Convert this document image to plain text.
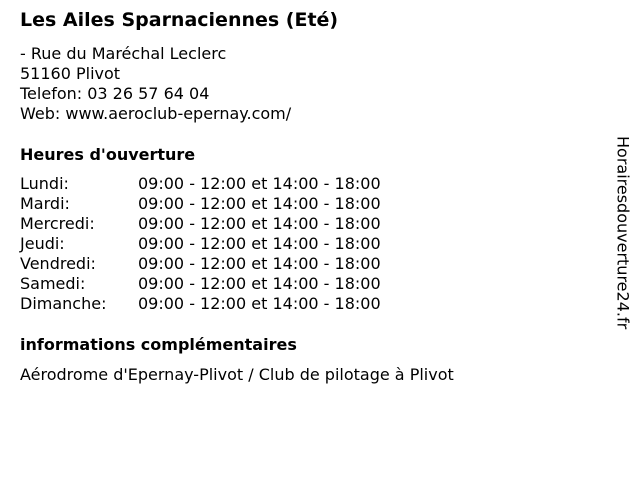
Les Ailes Sparnaciennes (Eté)
- Rue du Maréchal Leclerc
51160 Plivot
Telefon: 03 26 57 64 04
Web: www.aeroclub-epernay.com/
Heures d'ouverture
Lundi:	09:00 - 12:00 et 14:00 - 18:00
Mardi:	09:00 - 12:00 et 14:00 - 18:00
Mercredi:	09:00 - 12:00 et 14:00 - 18:00
Jeudi:	09:00 - 12:00 et 14:00 - 18:00
Vendredi:	09:00 - 12:00 et 14:00 - 18:00
Samedi:	09:00 - 12:00 et 14:00 - 18:00
Dimanche:	09:00 - 12:00 et 14:00 - 18:00
informations complémentaires
Aérodrome d'Epernay-Plivot / Club de pilotage à Plivot
Horairesdouverture24.fr
